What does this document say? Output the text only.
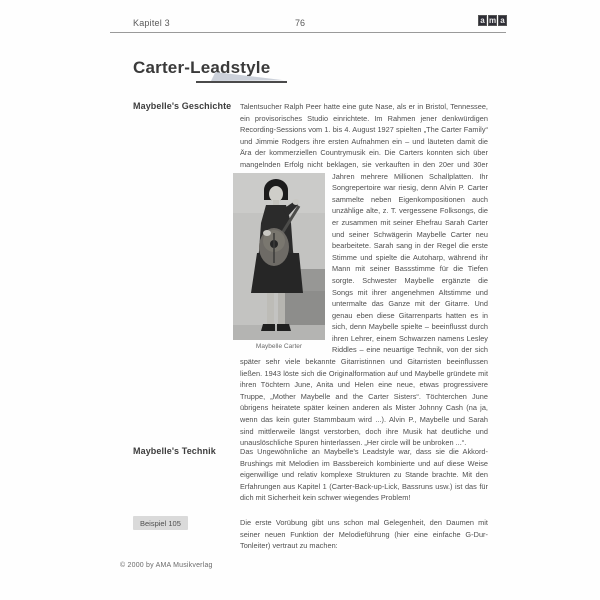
Kapitel 3	76	a m a
Carter-Leadstyle
Maybelle's Geschichte	Talentsucher Ralph Peer hatte eine gute Nase, als er in Bristol, Tennessee, ein provisorisches Studio einrichtete. Im Rahmen jener denkwürdigen Recording-Sessions vom 1. bis 4. August 1927 spielten „The Carter Family“ und Jimmie Rodgers ihre ersten Aufnahmen ein – und läuteten damit die Ära der kommerziellen Countrymusik ein. Die Carters konnten sich über mangelnden Erfolg nicht beklagen, sie verkauften in den 20er und 30er
Maybelle Carter
Jahren mehrere Millionen Schallplatten. Ihr Songrepertoire war riesig, denn Alvin P. Carter sammelte neben Eigenkompositionen auch unzählige alte, z. T. vergessene Folksongs, die er zusammen mit seiner Ehefrau Sarah Carter und seiner Schwägerin Maybelle Carter neu bearbeitete. Sarah sang in der Regel die erste Stimme und spielte die Autoharp, während ihr Mann mit seiner Bassstimme für die Tiefen sorgte. Schwester Maybelle ergänzte die Songs mit ihrer angenehmen Altstimme und untermalte das Ganze mit der Gitarre. Und genau eben diese Gitarrenparts hatten es in sich, denn Maybelle spielte – beeinflusst durch ihren Lehrer, einem Schwarzen namens Lesley Riddles – eine neuartige Technik, von der sich später sehr viele bekannte Gitarristinnen und Gitarristen beeinflussen ließen. 1943 löste sich die Originalformation auf und Maybelle gründete mit ihren Töchtern June, Anita und Helen eine neue, etwas progressivere Truppe, „Mother Maybelle and the Carter Sisters“. Töchterchen June übrigens heiratete später keinen anderen als Mister Johnny Cash (na ja, wenn das kein guter Stammbaum wird ...). Alvin P., Maybelle und Sarah sind mittlerweile längst verstorben, doch ihre Musik hat deutliche und unauslöschliche Spuren hinterlassen. „Her circle will be unbroken ...“.
Maybelle's Technik	Das Ungewöhnliche an Maybelle's Leadstyle war, dass sie die Akkord-Brushings mit Melodien im Bassbereich kombinierte und auf diese Weise eigenwillige und relativ komplexe Strukturen zu Stande brachte. Mit den Erfahrungen aus Kapitel 1 (Carter-Back-up-Lick, Bassruns usw.) ist das für dich mit Sicherheit kein schwer wiegendes Problem!
Beispiel 105	Die erste Vorübung gibt uns schon mal Gelegenheit, den Daumen mit seiner neuen Funktion der Melodieführung (hier eine einfache G-Dur-Tonleiter) vertraut zu machen:
© 2000 by AMA Musikverlag
